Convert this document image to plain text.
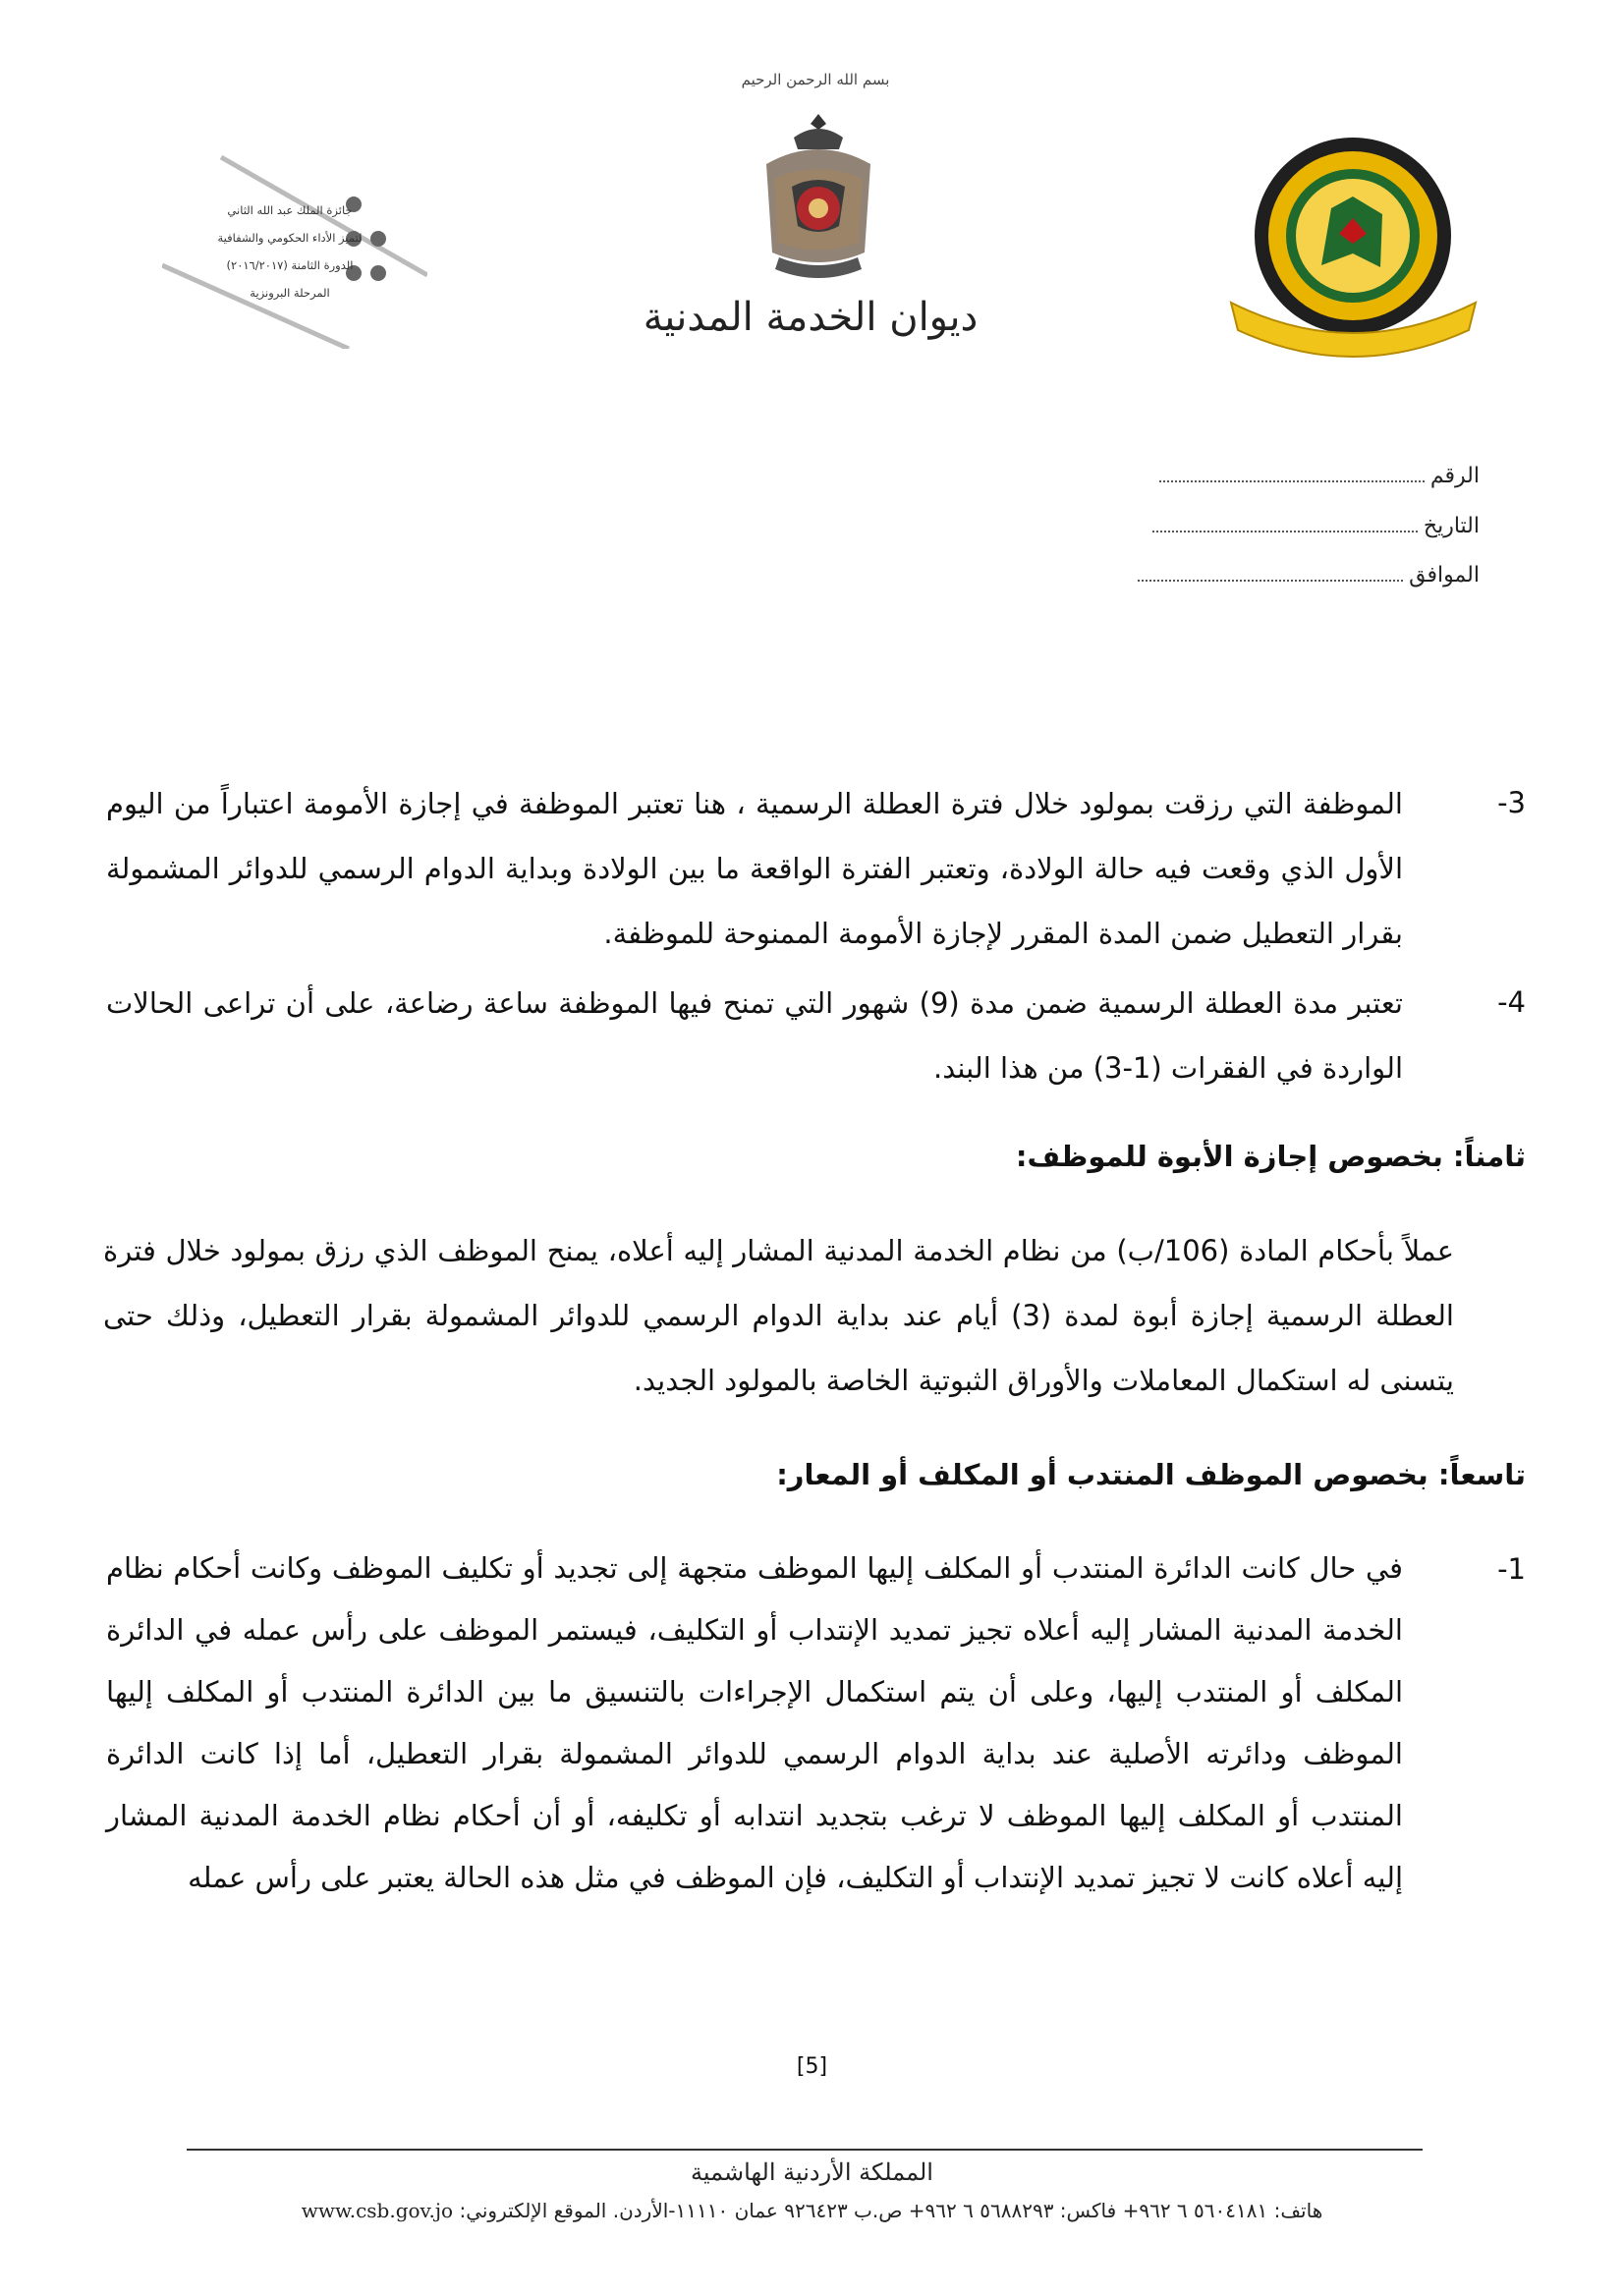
بسم الله الرحمن الرحيم
ديوان الخدمة المدنية
جائزة الملك عبد الله الثاني
لتميز الأداء الحكومي والشفافية
الدورة الثامنة (٢٠١٦/٢٠١٧)
المرحلة البرونزية
الرقم
التاريخ
الموافق
-3
الموظفة التي رزقت بمولود خلال فترة العطلة الرسمية ، هنا تعتبر الموظفة في إجازة الأمومة اعتباراً من اليوم الأول الذي وقعت فيه حالة الولادة، وتعتبر الفترة الواقعة ما بين الولادة وبداية الدوام الرسمي للدوائر المشمولة بقرار التعطيل ضمن المدة المقرر لإجازة الأمومة الممنوحة للموظفة.
-4
تعتبر مدة العطلة الرسمية ضمن مدة (9) شهور التي تمنح فيها الموظفة ساعة رضاعة، على أن تراعى الحالات الواردة في الفقرات (1-3) من هذا البند.
ثامناً: بخصوص إجازة الأبوة للموظف:
عملاً بأحكام المادة (106/ب) من نظام الخدمة المدنية المشار إليه أعلاه، يمنح الموظف الذي رزق بمولود خلال فترة العطلة الرسمية إجازة أبوة لمدة (3) أيام عند بداية الدوام الرسمي للدوائر المشمولة بقرار التعطيل، وذلك حتى يتسنى له استكمال المعاملات والأوراق الثبوتية الخاصة بالمولود الجديد.
تاسعاً: بخصوص الموظف المنتدب أو المكلف أو المعار:
-1
في حال كانت الدائرة المنتدب أو المكلف إليها الموظف متجهة إلى تجديد أو تكليف الموظف وكانت أحكام نظام الخدمة المدنية المشار إليه أعلاه تجيز تمديد الإنتداب أو التكليف، فيستمر الموظف على رأس عمله في الدائرة المكلف أو المنتدب إليها، وعلى أن يتم استكمال الإجراءات بالتنسيق ما بين الدائرة المنتدب أو المكلف إليها الموظف ودائرته الأصلية عند بداية الدوام الرسمي للدوائر المشمولة بقرار التعطيل، أما إذا كانت الدائرة المنتدب أو المكلف إليها الموظف لا ترغب بتجديد انتدابه أو تكليفه، أو أن أحكام نظام الخدمة المدنية المشار إليه أعلاه كانت لا تجيز تمديد الإنتداب أو التكليف، فإن الموظف في مثل هذه الحالة يعتبر على رأس عمله
[5]
المملكة الأردنية الهاشمية
هاتف: ٥٦٠٤١٨١ ٦ ٩٦٢+ فاكس: ٥٦٨٨٢٩٣ ٦ ٩٦٢+ ص.ب ٩٢٦٤٢٣ عمان ١١١١٠-الأردن. الموقع الإلكتروني: www.csb.gov.jo
